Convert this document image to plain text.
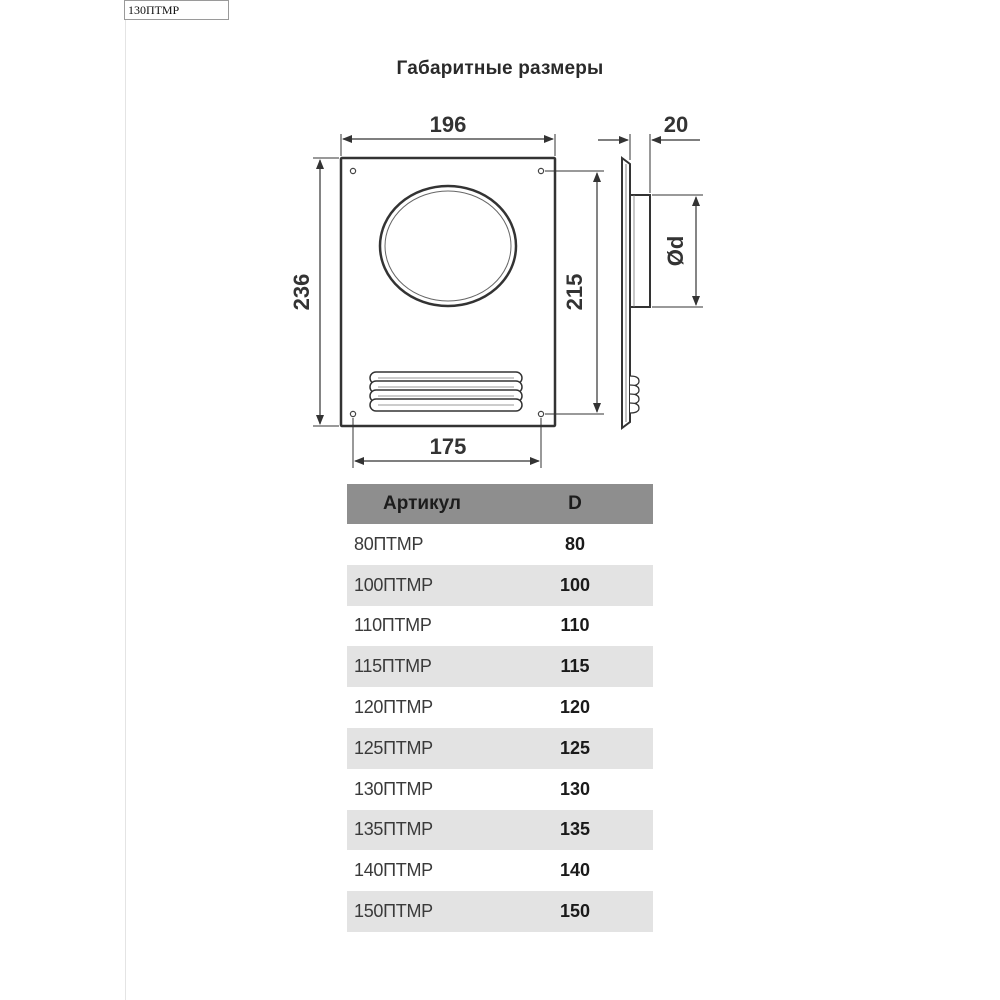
130ПТМР
Габаритные размеры
196
236	215
175
20
Ød
Артикул	D
80ПТМР	80
100ПТМР	100
110ПТМР	110
115ПТМР	115
120ПТМР	120
125ПТМР	125
130ПТМР	130
135ПТМР	135
140ПТМР	140
150ПТМР	150
